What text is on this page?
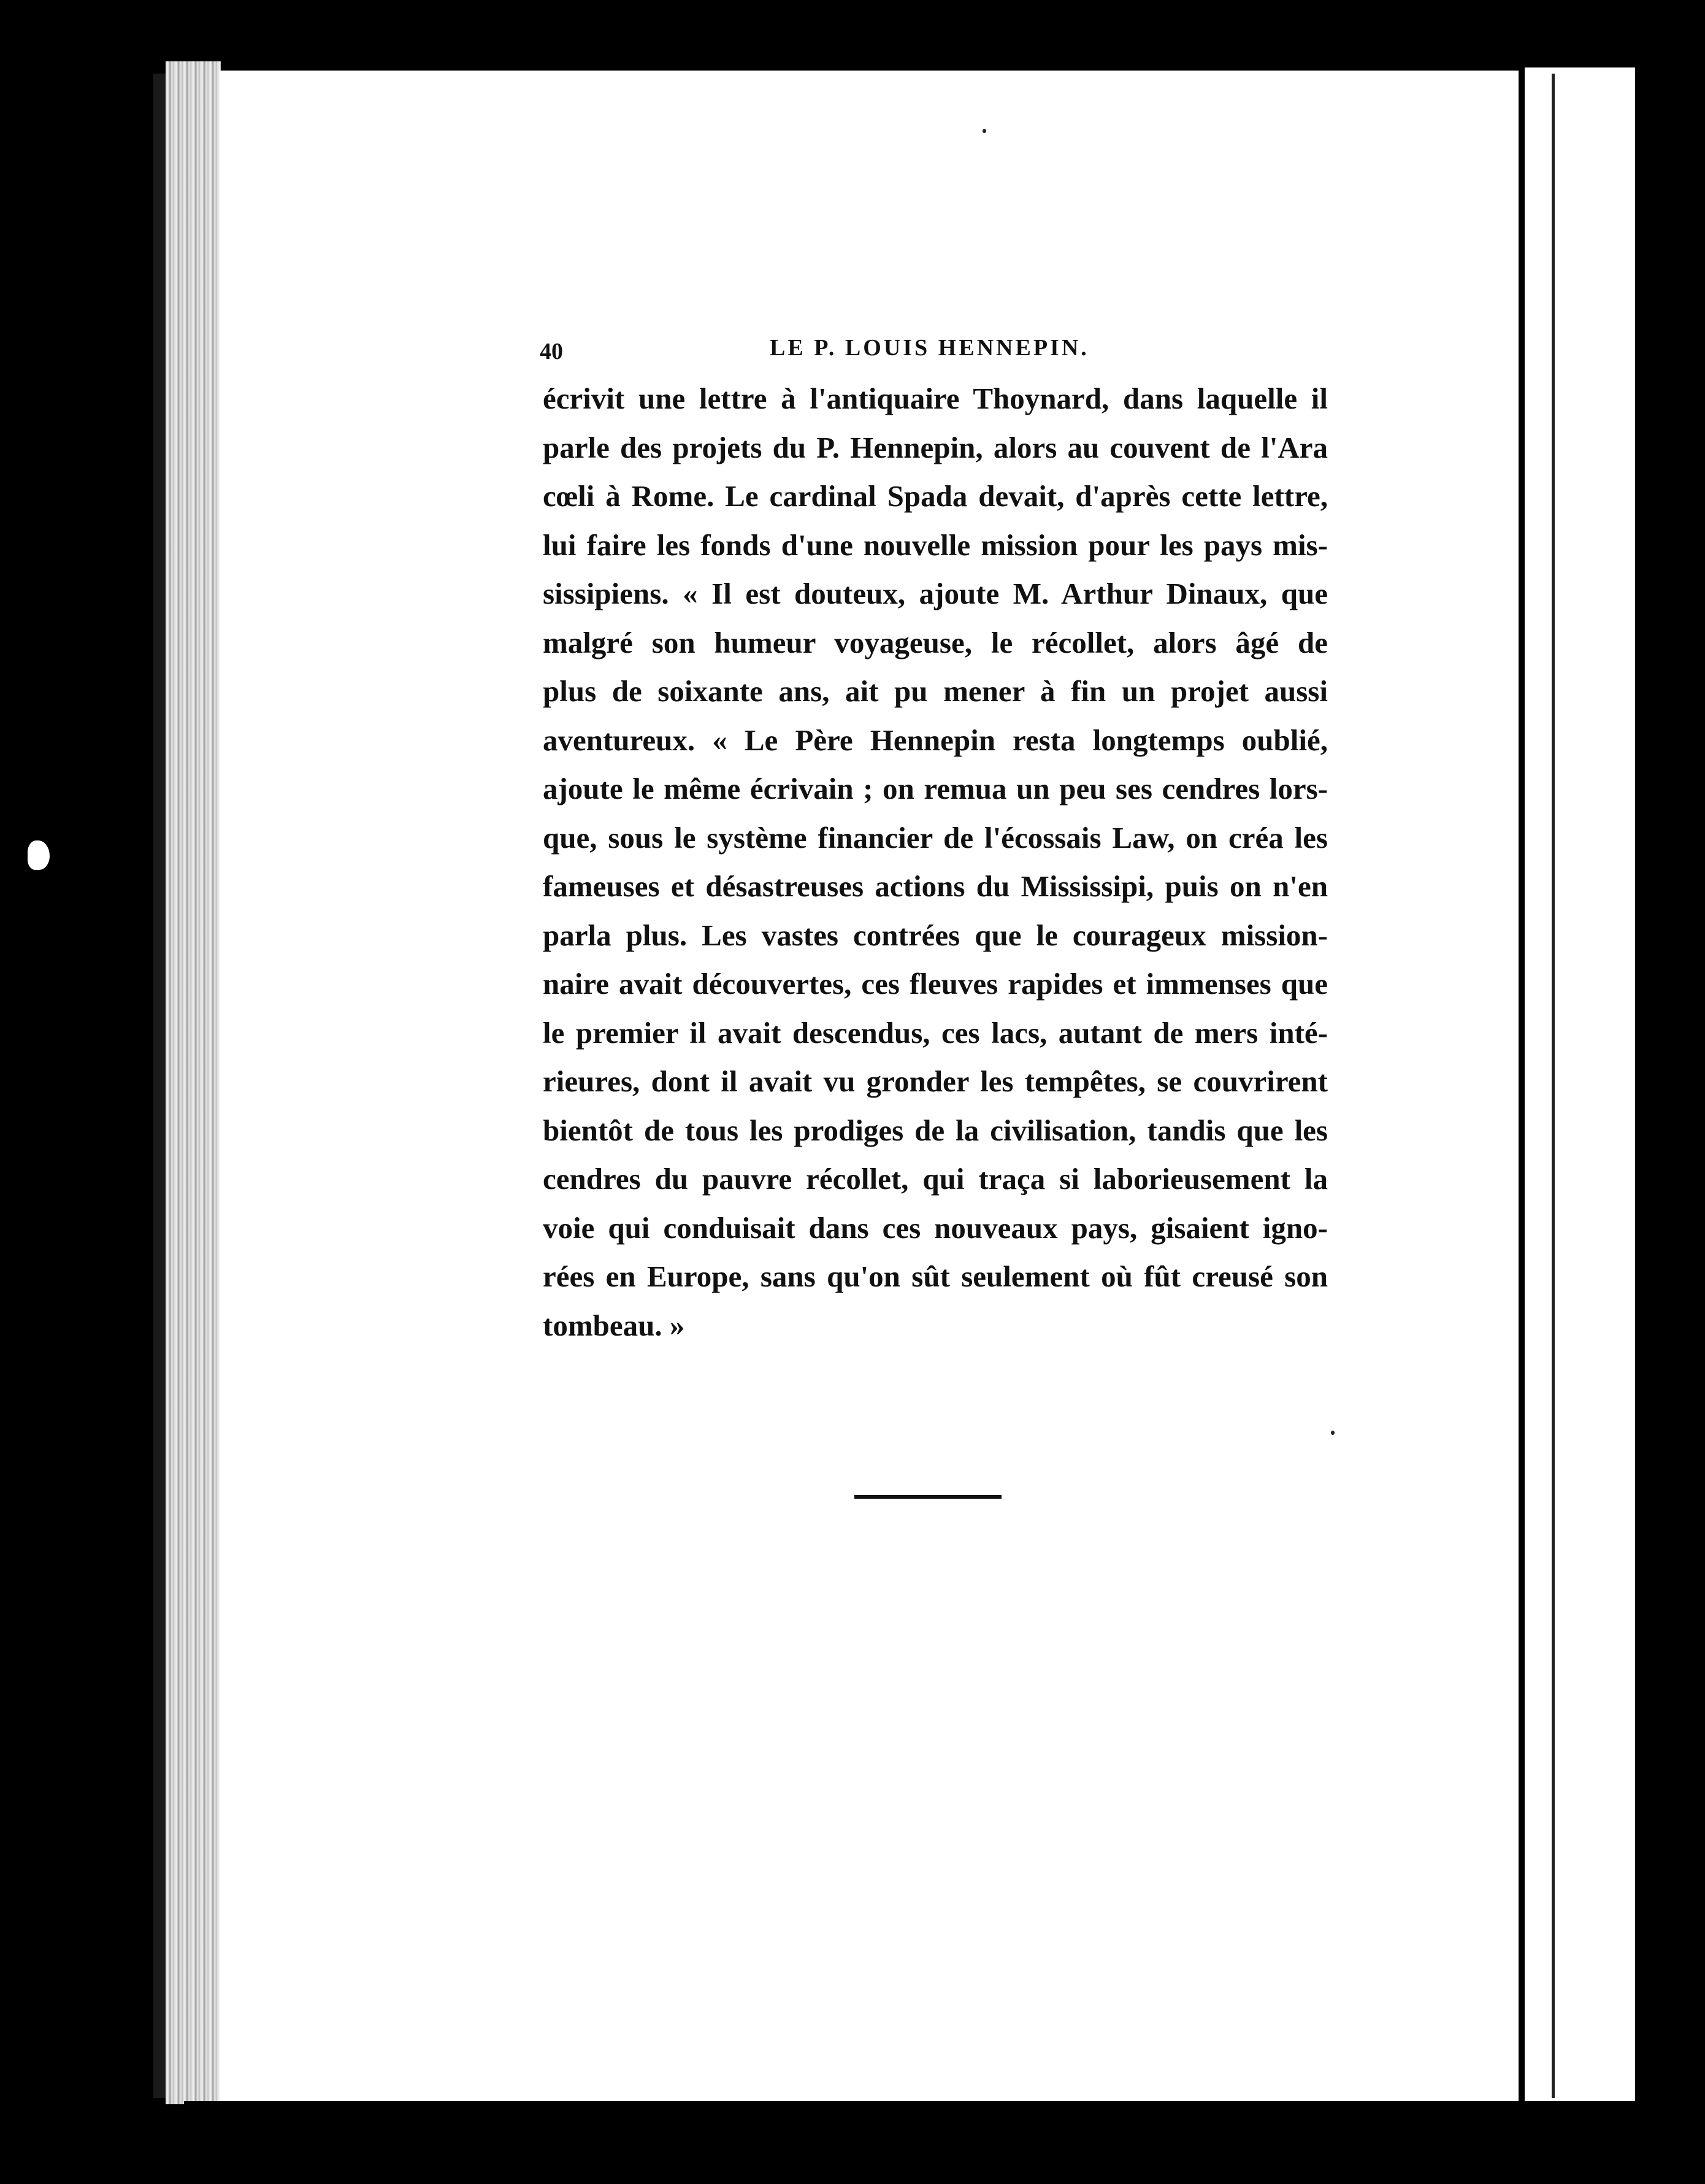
40	LE P. LOUIS HENNEPIN.
écrivit une lettre à l'antiquaire Thoynard, dans laquelle il
parle des projets du P. Hennepin, alors au couvent de l'Ara
cœli à Rome. Le cardinal Spada devait, d'après cette lettre,
lui faire les fonds d'une nouvelle mission pour les pays mis-
sissipiens. « Il est douteux, ajoute M. Arthur Dinaux, que
malgré son humeur voyageuse, le récollet, alors âgé de
plus de soixante ans, ait pu mener à fin un projet aussi
aventureux. « Le Père Hennepin resta longtemps oublié,
ajoute le même écrivain ; on remua un peu ses cendres lors-
que, sous le système financier de l'écossais Law, on créa les
fameuses et désastreuses actions du Mississipi, puis on n'en
parla plus. Les vastes contrées que le courageux mission-
naire avait découvertes, ces fleuves rapides et immenses que
le premier il avait descendus, ces lacs, autant de mers inté-
rieures, dont il avait vu gronder les tempêtes, se couvrirent
bientôt de tous les prodiges de la civilisation, tandis que les
cendres du pauvre récollet, qui traça si laborieusement la
voie qui conduisait dans ces nouveaux pays, gisaient igno-
rées en Europe, sans qu'on sût seulement où fût creusé son
tombeau. »
